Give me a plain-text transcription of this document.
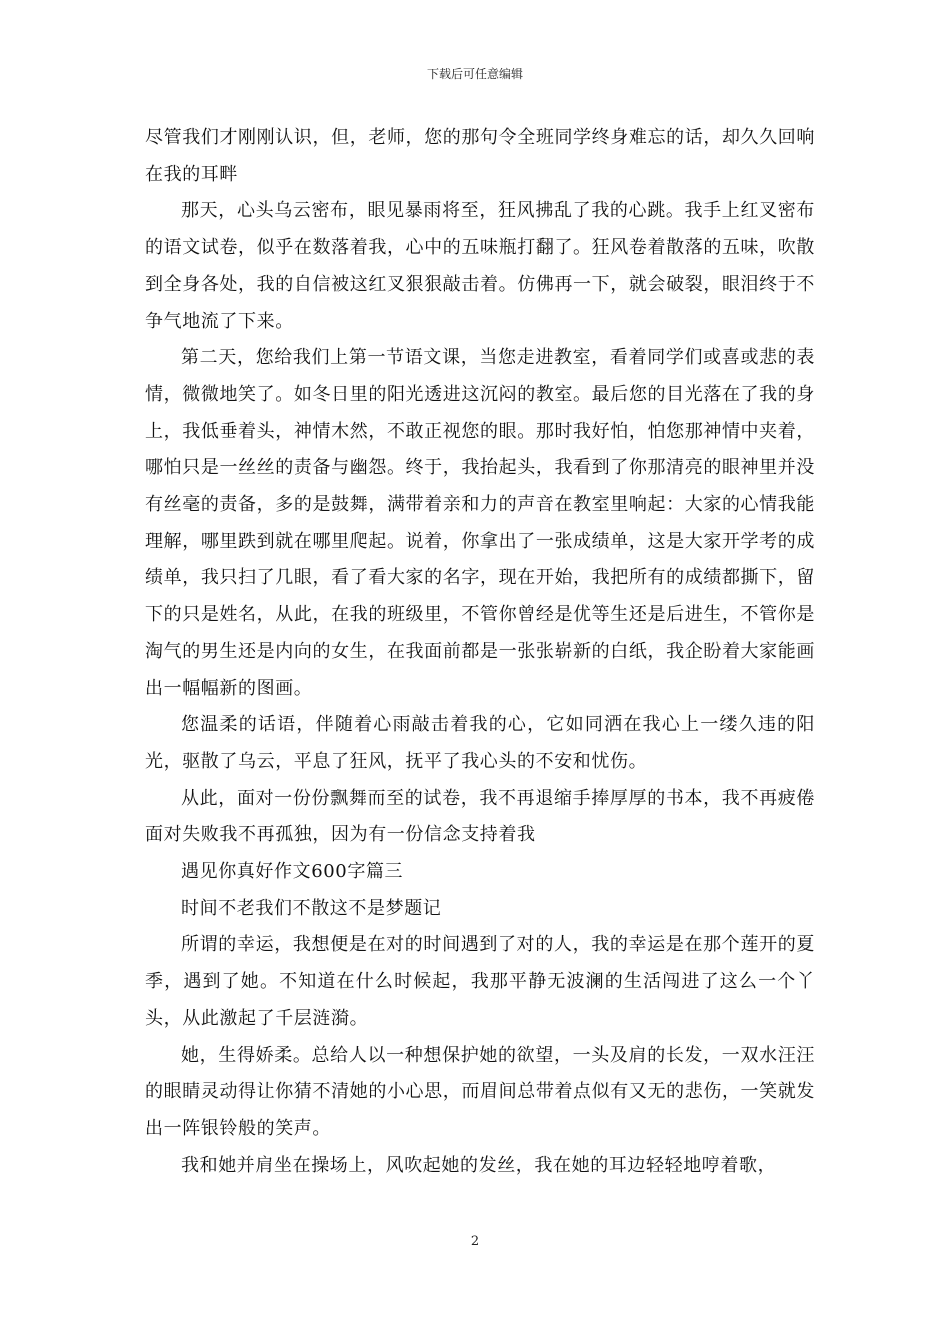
下载后可任意编辑

尽管我们才刚刚认识，但，老师，您的那句令全班同学终身难忘的话，却久久回响在我的耳畔

那天，心头乌云密布，眼见暴雨将至，狂风拂乱了我的心跳。我手上红叉密布的语文试卷，似乎在数落着我，心中的五味瓶打翻了。狂风卷着散落的五味，吹散到全身各处，我的自信被这红叉狠狠敲击着。仿佛再一下，就会破裂，眼泪终于不争气地流了下来。

第二天，您给我们上第一节语文课，当您走进教室，看着同学们或喜或悲的表情，微微地笑了。如冬日里的阳光透进这沉闷的教室。最后您的目光落在了我的身上，我低垂着头，神情木然，不敢正视您的眼。那时我好怕，怕您那神情中夹着，哪怕只是一丝丝的责备与幽怨。终于，我抬起头，我看到了你那清亮的眼神里并没有丝毫的责备，多的是鼓舞，满带着亲和力的声音在教室里响起：大家的心情我能理解，哪里跌到就在哪里爬起。说着，你拿出了一张成绩单，这是大家开学考的成绩单，我只扫了几眼，看了看大家的名字，现在开始，我把所有的成绩都撕下，留下的只是姓名，从此，在我的班级里，不管你曾经是优等生还是后进生，不管你是淘气的男生还是内向的女生，在我面前都是一张张崭新的白纸，我企盼着大家能画出一幅幅新的图画。

您温柔的话语，伴随着心雨敲击着我的心，它如同洒在我心上一缕久违的阳光，驱散了乌云，平息了狂风，抚平了我心头的不安和忧伤。

从此，面对一份份飘舞而至的试卷，我不再退缩手捧厚厚的书本，我不再疲倦面对失败我不再孤独，因为有一份信念支持着我

遇见你真好作文600字篇三

时间不老我们不散这不是梦题记

所谓的幸运，我想便是在对的时间遇到了对的人，我的幸运是在那个莲开的夏季，遇到了她。不知道在什么时候起，我那平静无波澜的生活闯进了这么一个丫头，从此激起了千层涟漪。

她，生得娇柔。总给人以一种想保护她的欲望，一头及肩的长发，一双水汪汪的眼睛灵动得让你猜不清她的小心思，而眉间总带着点似有又无的悲伤，一笑就发出一阵银铃般的笑声。

我和她并肩坐在操场上，风吹起她的发丝，我在她的耳边轻轻地哼着歌，

2
